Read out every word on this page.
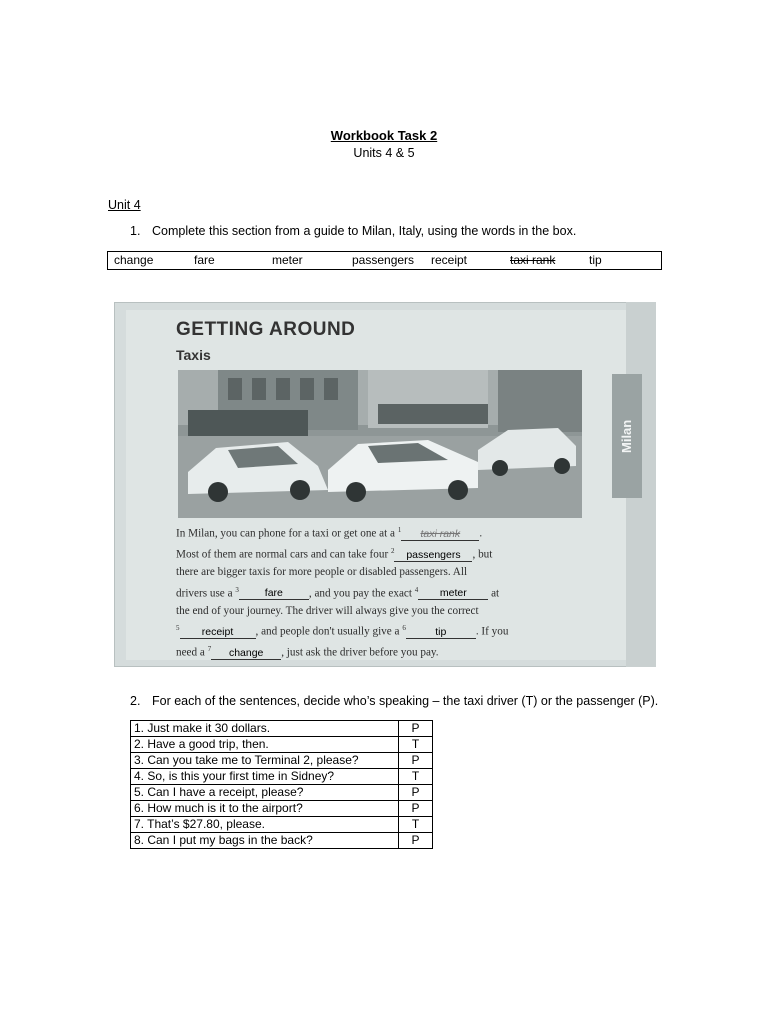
Workbook Task 2
Units 4 & 5
Unit 4
1. Complete this section from a guide to Milan, Italy, using the words in the box.
change	fare	meter	passengers receipt	taxi rank	tip
Milan
GETTING AROUND
Taxis
In Milan, you can phone for a taxi or get one at a $^1$ taxi rank .
Most of them are normal cars and can take four $^2$ passengers , but
there are bigger taxis for more people or disabled passengers. All
drivers use a $^3$ fare , and you pay the exact $^4$ meter at
the end of your journey. The driver will always give you the correct
$^5$ receipt , and people don't usually give a $^6$	tip	. If you
need a $^7$ change , just ask the driver before you pay.
2. For each of the sentences, decide who’s speaking – the taxi driver (T) or the passenger (P).
1. Just make it 30 dollars.	P
2. Have a good trip, then.	T
3. Can you take me to Terminal 2, please?	P
4. So, is this your first time in Sidney?	T
5. Can I have a receipt, please?	P
6. How much is it to the airport?	P
7. That’s $27.80, please.	T
8. Can I put my bags in the back?	P
